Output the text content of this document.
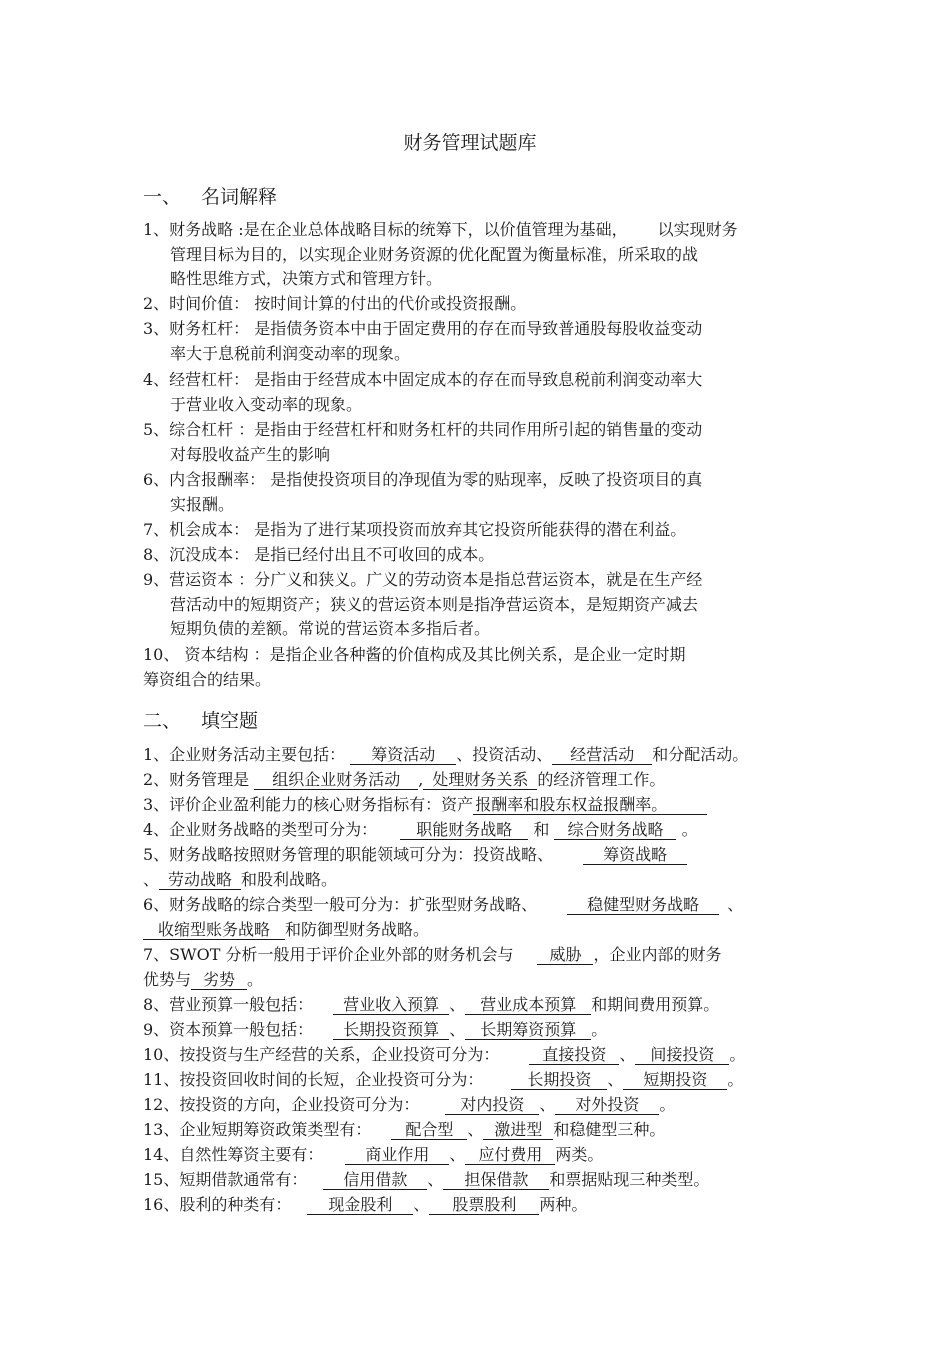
财务管理试题库
一、 名词解释
1、财务战略 :是在企业总体战略目标的统筹下，以价值管理为基础， 以实现财务
管理目标为目的，以实现企业财务资源的优化配置为衡量标准，所采取的战
略性思维方式，决策方式和管理方针。
2、时间价值： 按时间计算的付出的代价或投资报酬。
3、财务杠杆： 是指债务资本中由于固定费用的存在而导致普通股每股收益变动
率大于息税前利润变动率的现象。
4、经营杠杆： 是指由于经营成本中固定成本的存在而导致息税前利润变动率大
于营业收入变动率的现象。
5、综合杠杆 ：是指由于经营杠杆和财务杠杆的共同作用所引起的销售量的变动
对每股收益产生的影响
6、内含报酬率： 是指使投资项目的净现值为零的贴现率，反映了投资项目的真
实报酬。
7、机会成本： 是指为了进行某项投资而放弃其它投资所能获得的潜在利益。
8、沉没成本： 是指已经付出且不可收回的成本。
9、营运资本 ：分广义和狭义。广义的劳动资本是指总营运资本，就是在生产经
营活动中的短期资产；狭义的营运资本则是指净营运资本，是短期资产减去
短期负债的差额。常说的营运资本多指后者。
10、 资本结构 ：是指企业各种酱的价值构成及其比例关系，是企业一定时期
筹资组合的结果。
二、 填空题
1、企业财务活动主要包括： 筹资活动 、投资活动、 经营活动 和分配活动。
2、财务管理是 组织企业财务活动 , 处理财务关系 的经济管理工作。
3、评价企业盈利能力的核心财务指标有：资产 报酬率和股东权益报酬率。
4、企业财务战略的类型可分为： 职能财务战略 和 综合财务战略 。
5、财务战略按照财务管理的职能领域可分为：投资战略、	筹资战略
、 劳动战略 和股利战略。
6、财务战略的综合类型一般可分为：扩张型财务战略、	稳健型财务战略 、
收缩型账务战略 和防御型财务战略。
7、SWOT 分析一般用于评价企业外部的财务机会与 威胁 ，企业内部的财务
优势与 劣势 。
8、营业预算一般包括： 营业收入预算 、 营业成本预算 和期间费用预算。
9、资本预算一般包括： 长期投资预算 、 长期筹资预算 。
10、按投资与生产经营的关系，企业投资可分为：	直接投资 、 间接投资 。
11、按投资回收时间的长短，企业投资可分为：	长期投资 、 短期投资 。
12、按投资的方向，企业投资可分为：	对内投资 、 对外投资 。
13、企业短期筹资政策类型有： 配合型 、 激进型 和稳健型三种。
14、自然性筹资主要有：	商业作用 、 应付费用 两类。
15、短期借款通常有： 信用借款 、 担保借款 和票据贴现三种类型。
16、股利的种类有： 现金股利 、 股票股利 两种。
